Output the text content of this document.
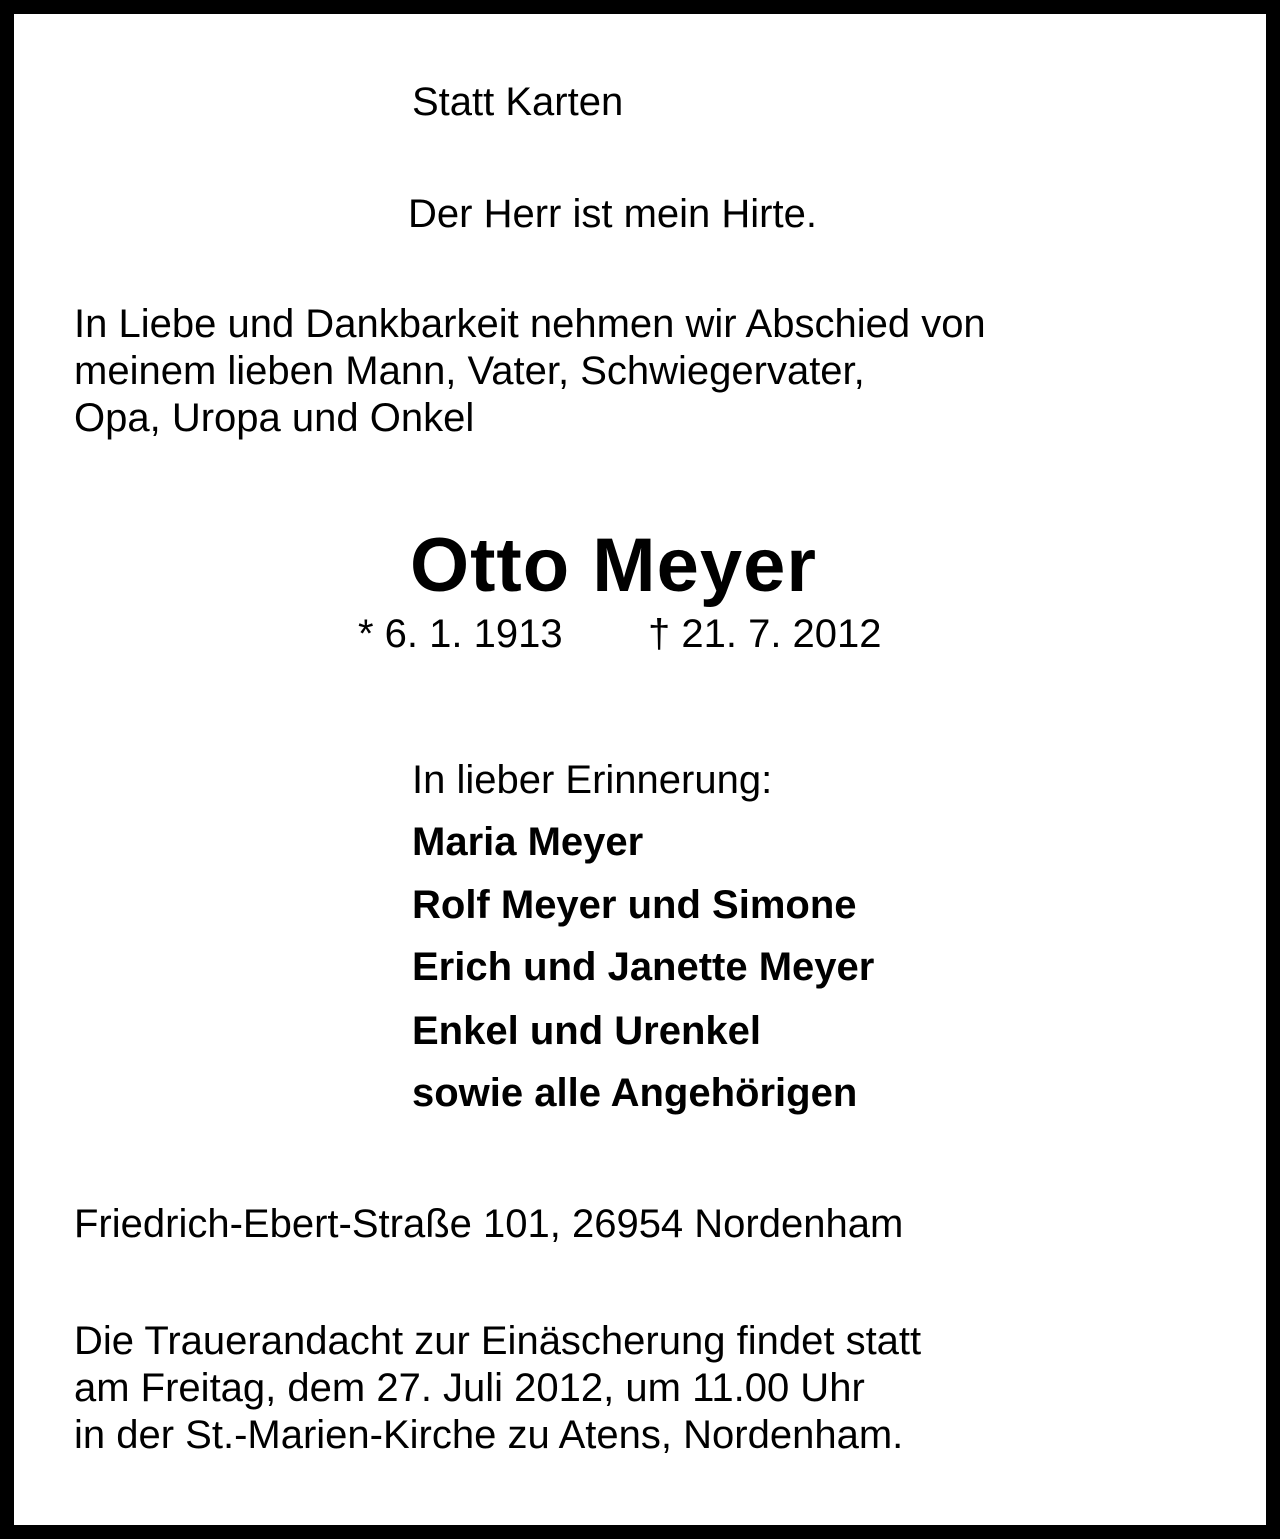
Statt Karten

Der Herr ist mein Hirte.

In Liebe und Dankbarkeit nehmen wir Abschied von
meinem lieben Mann, Vater, Schwiegervater,
Opa, Uropa und Onkel

Otto Meyer

* 6. 1. 1913 † 21. 7. 2012

In lieber Erinnerung:

Maria Meyer

Rolf Meyer und Simone

Erich und Janette Meyer

Enkel und Urenkel

sowie alle Angehörigen

Friedrich-Ebert-Straße 101, 26954 Nordenham

Die Trauerandacht zur Einäscherung findet statt
am Freitag, dem 27. Juli 2012, um 11.00 Uhr
in der St.-Marien-Kirche zu Atens, Nordenham.
